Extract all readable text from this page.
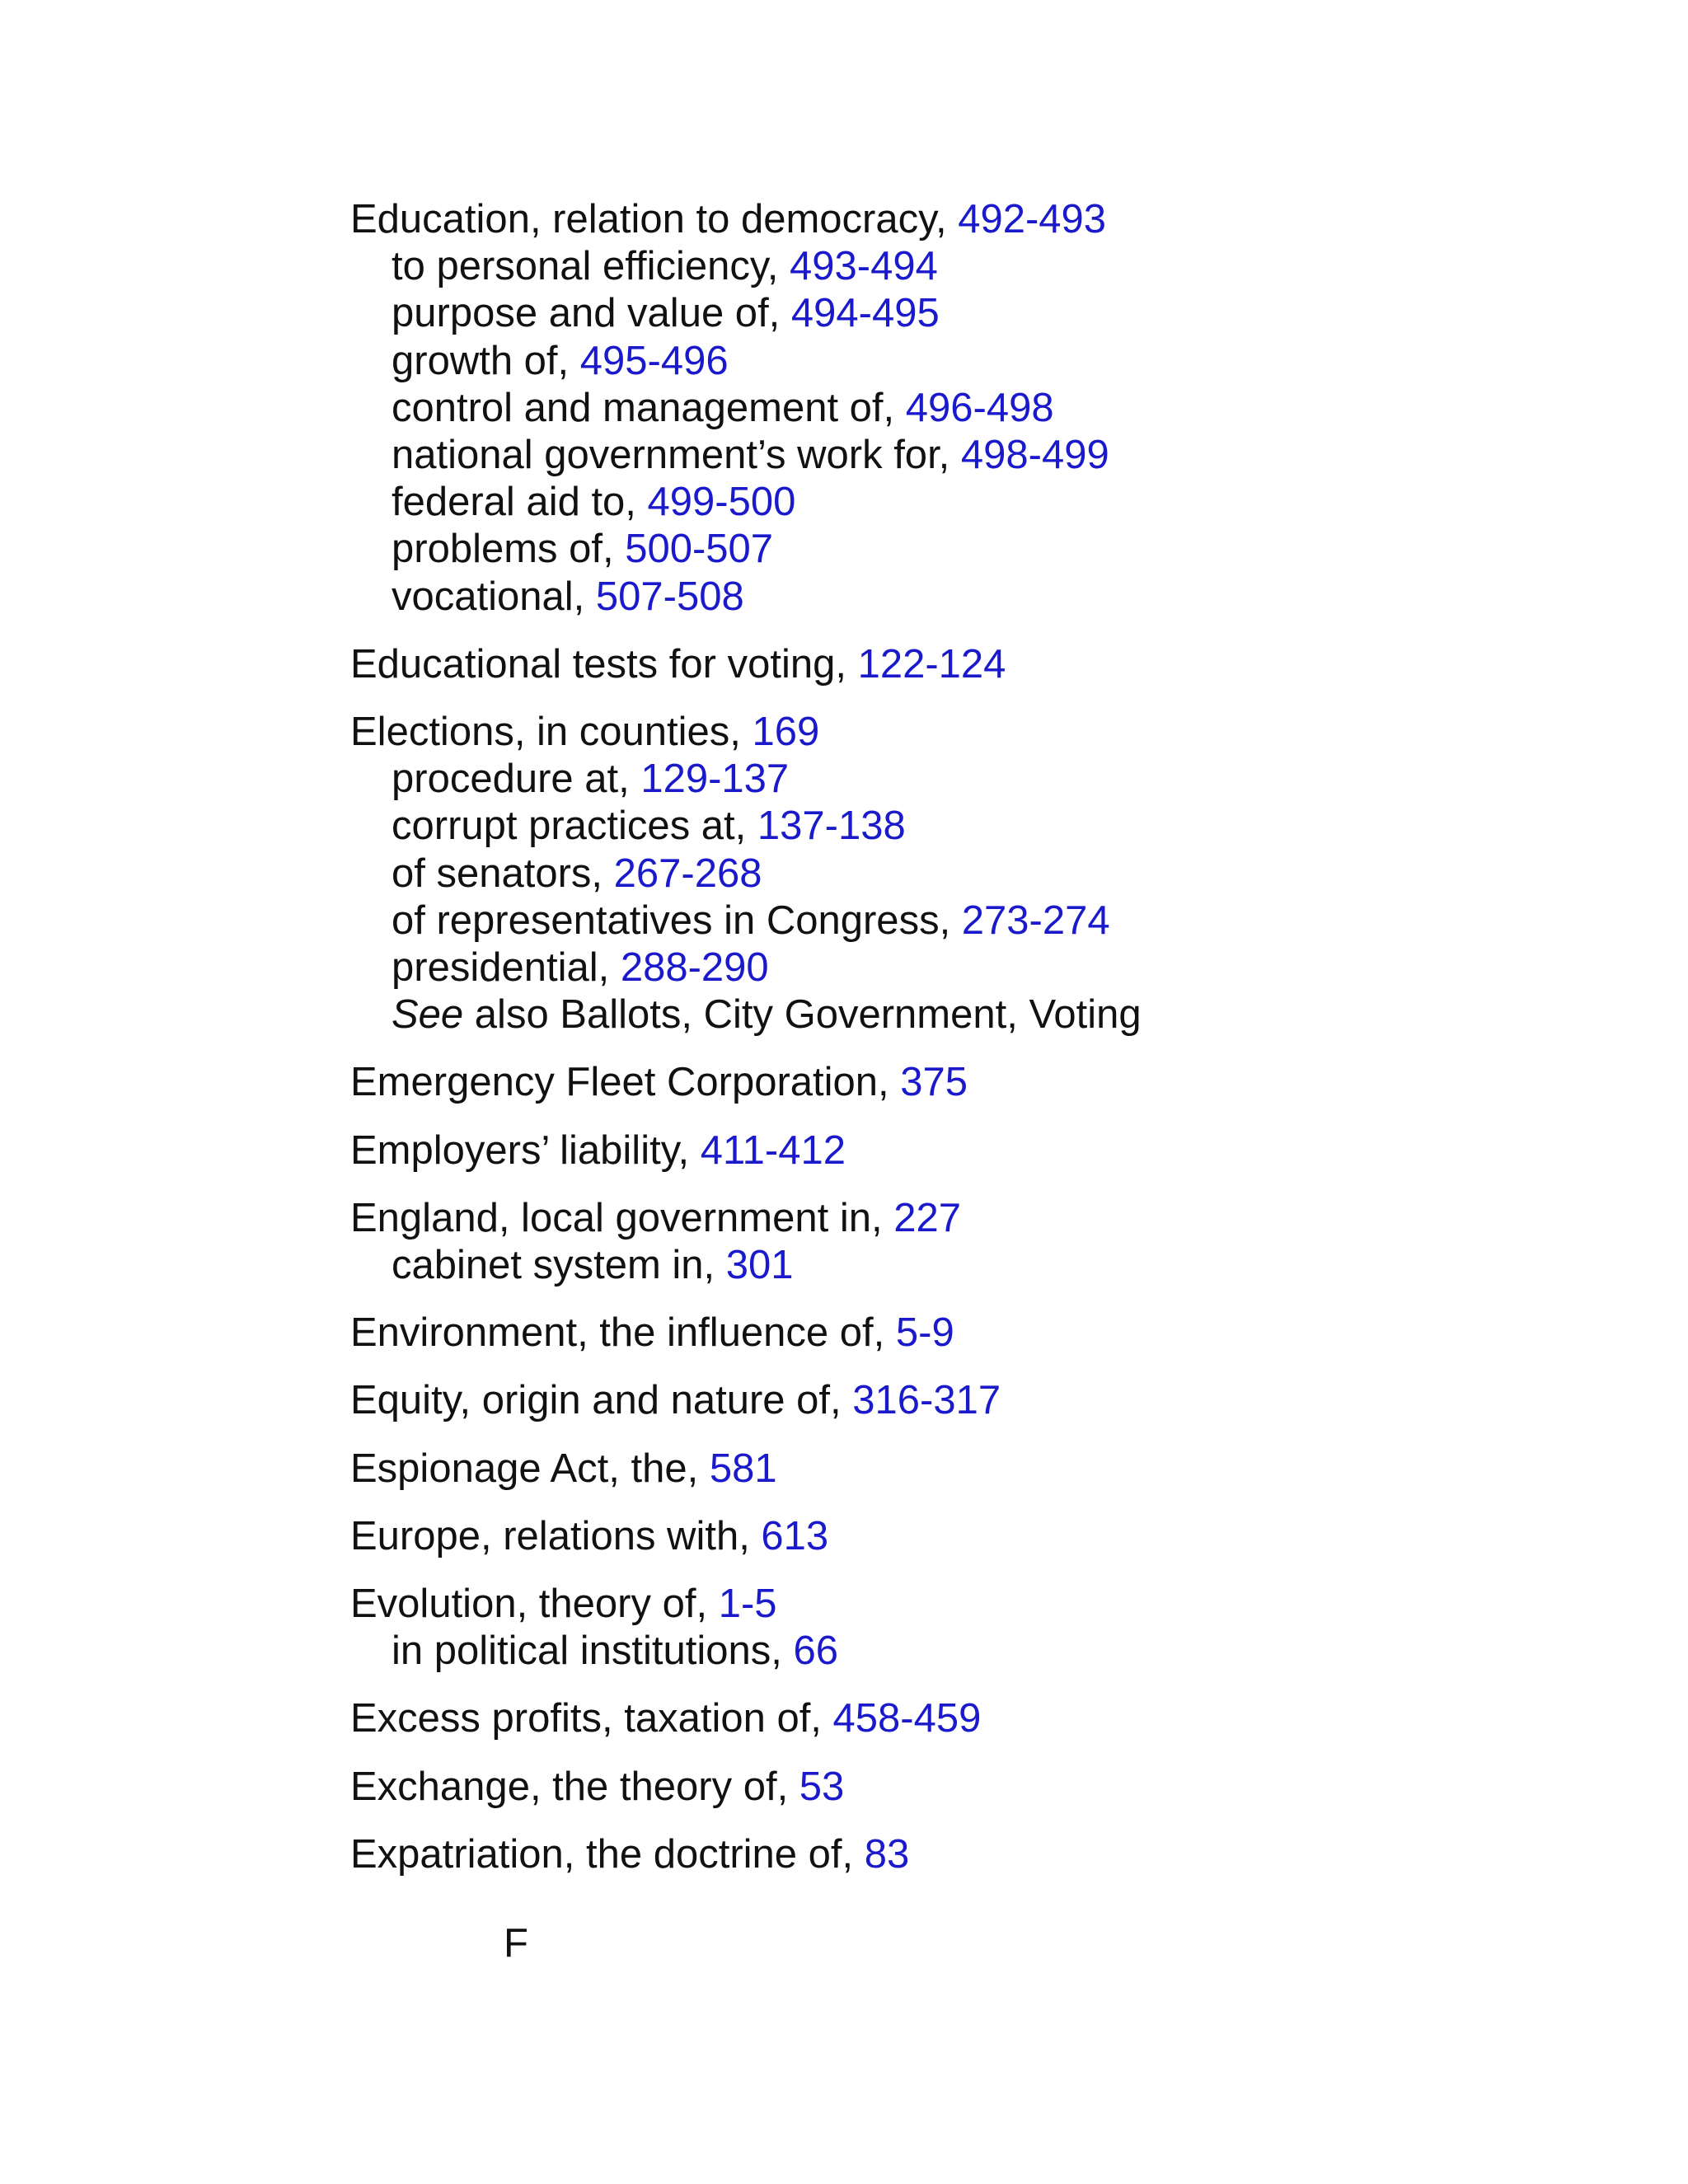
Education, relation to democracy, 492-493
to personal efficiency, 493-494
purpose and value of, 494-495
growth of, 495-496
control and management of, 496-498
national government’s work for, 498-499
federal aid to, 499-500
problems of, 500-507
vocational, 507-508
Educational tests for voting, 122-124
Elections, in counties, 169
procedure at, 129-137
corrupt practices at, 137-138
of senators, 267-268
of representatives in Congress, 273-274
presidential, 288-290
See also Ballots, City Government, Voting
Emergency Fleet Corporation, 375
Employers’ liability, 411-412
England, local government in, 227
cabinet system in, 301
Environment, the influence of, 5-9
Equity, origin and nature of, 316-317
Espionage Act, the, 581
Europe, relations with, 613
Evolution, theory of, 1-5
in political institutions, 66
Excess profits, taxation of, 458-459
Exchange, the theory of, 53
Expatriation, the doctrine of, 83
F
